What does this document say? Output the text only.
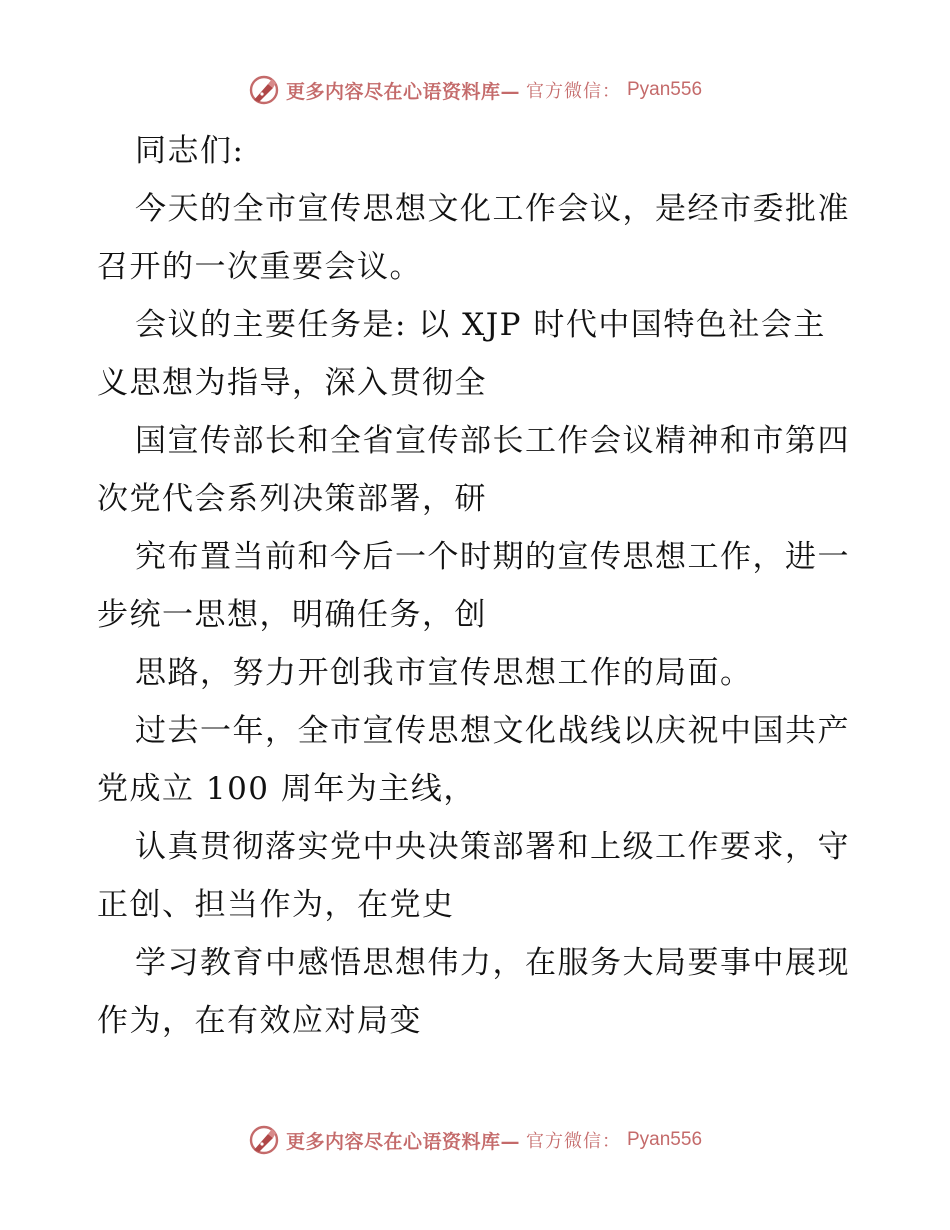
更多内容尽在心语资料库— 官方微信： Pyan556

同志们:

今天的全市宣传思想文化工作会议，是经市委批准召开的一次重要会议。

会议的主要任务是: 以 XJP 时代中国特色社会主义思想为指导，深入贯彻全

国宣传部长和全省宣传部长工作会议精神和市第四次党代会系列决策部署，研

究布置当前和今后一个时期的宣传思想工作，进一步统一思想，明确任务，创

思路，努力开创我市宣传思想工作的局面。

过去一年，全市宣传思想文化战线以庆祝中国共产党成立 100 周年为主线，

认真贯彻落实党中央决策部署和上级工作要求，守正创、担当作为，在党史

学习教育中感悟思想伟力，在服务大局要事中展现作为，在有效应对局变

更多内容尽在心语资料库— 官方微信： Pyan556
